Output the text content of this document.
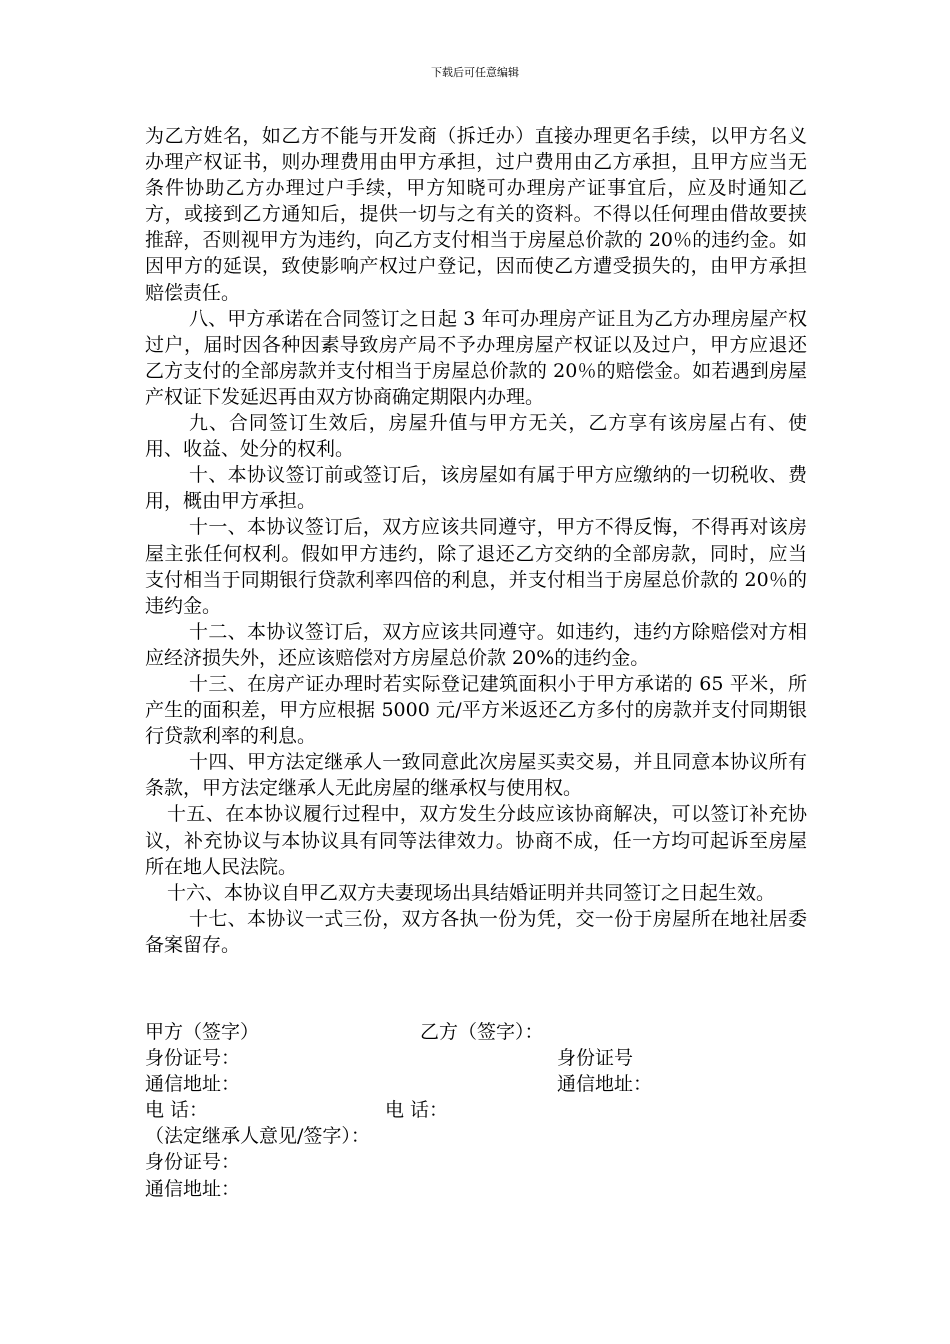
下载后可任意编辑

为乙方姓名，如乙方不能与开发商（拆迁办）直接办理更名手续，以甲方名义办理产权证书，则办理费用由甲方承担，过户费用由乙方承担，且甲方应当无条件协助乙方办理过户手续，甲方知晓可办理房产证事宜后，应及时通知乙方，或接到乙方通知后，提供一切与之有关的资料。不得以任何理由借故要挟推辞，否则视甲方为违约，向乙方支付相当于房屋总价款的 20％的违约金。如因甲方的延误，致使影响产权过户登记，因而使乙方遭受损失的，由甲方承担赔偿责任。

八、甲方承诺在合同签订之日起 3 年可办理房产证且为乙方办理房屋产权过户，届时因各种因素导致房产局不予办理房屋产权证以及过户，甲方应退还乙方支付的全部房款并支付相当于房屋总价款的 20％的赔偿金。如若遇到房屋产权证下发延迟再由双方协商确定期限内办理。

九、合同签订生效后，房屋升值与甲方无关，乙方享有该房屋占有、使用、收益、处分的权利。

十、本协议签订前或签订后，该房屋如有属于甲方应缴纳的一切税收、费用，概由甲方承担。

十一、本协议签订后，双方应该共同遵守，甲方不得反悔，不得再对该房屋主张任何权利。假如甲方违约，除了退还乙方交纳的全部房款，同时，应当支付相当于同期银行贷款利率四倍的利息，并支付相当于房屋总价款的 20％的违约金。

十二、本协议签订后，双方应该共同遵守。如违约，违约方除赔偿对方相应经济损失外，还应该赔偿对方房屋总价款 20%的违约金。

十三、在房产证办理时若实际登记建筑面积小于甲方承诺的 65 平米，所产生的面积差，甲方应根据 5000 元/平方米返还乙方多付的房款并支付同期银行贷款利率的利息。

十四、甲方法定继承人一致同意此次房屋买卖交易，并且同意本协议所有条款，甲方法定继承人无此房屋的继承权与使用权。

十五、在本协议履行过程中，双方发生分歧应该协商解决，可以签订补充协议，补充协议与本协议具有同等法律效力。协商不成，任一方均可起诉至房屋所在地人民法院。

十六、本协议自甲乙双方夫妻现场出具结婚证明并共同签订之日起生效。

十七、本协议一式三份，双方各执一份为凭，交一份于房屋所在地社居委备案留存。

甲方（签字）	乙方（签字）：
身份证号：	身份证号
通信地址：	通信地址：
电 话：	电 话：
（法定继承人意见/签字）：
身份证号：
通信地址：
